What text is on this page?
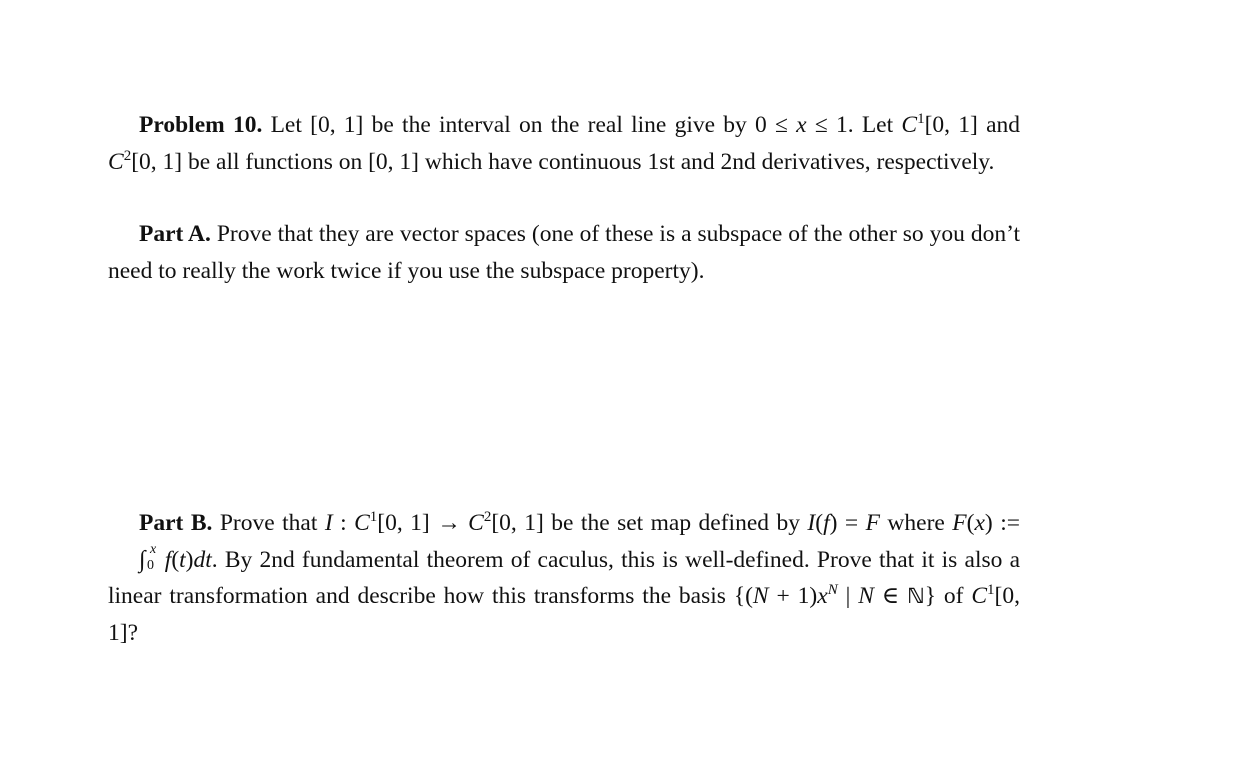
Problem 10. Let [0, 1] be the interval on the real line give by 0 ≤ x ≤ 1. Let $C^1[0$, 1] and $C^2[0$, 1] be all functions on [0, 1] which have continuous 1st and 2nd derivatives, respectively.

Part A. Prove that they are vector spaces (one of these is a subspace of the other so you don’t need to really the work twice if you use the subspace property).

Part B. Prove that I : $C^1[0$, $1] \to C^2[0$, 1] be the set map defined by I(f) = F where F(x) := ∫ x
0 f(t)dt. By 2nd fundamental theorem of caculus, this is well-defined. Prove that it is also a linear transformation and describe how this transforms the basis {$(N + 1)x^N$ | N ∈ ℕ} of $C^1[0$, 1]?
